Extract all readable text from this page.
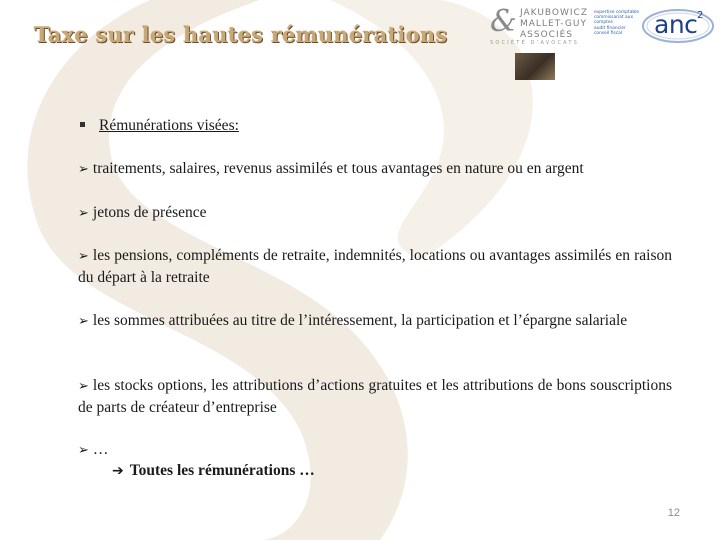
Taxe sur les hautes rémunérations & JAKUBOWICZ MALLET-GUY ASSOCIÉS
SOCIÉTÉ D’AVOCATS
expertise comptable
commissariat aux comptes
audit financier
conseil fiscal	anc 2
Rémunérations visées:
➢ traitements, salaires, revenus assimilés et tous avantages en nature ou en argent
➢ jetons de présence
➢ les pensions, compléments de retraite, indemnités, locations ou avantages assimilés en raison du départ à la retraite
➢ les sommes attribuées au titre de l’intéressement, la participation et l’épargne salariale
➢ les stocks options, les attributions d’actions gratuites et les attributions de bons souscriptions de parts de créateur d’entreprise
➢ …
➔ Toutes les rémunérations …
12
